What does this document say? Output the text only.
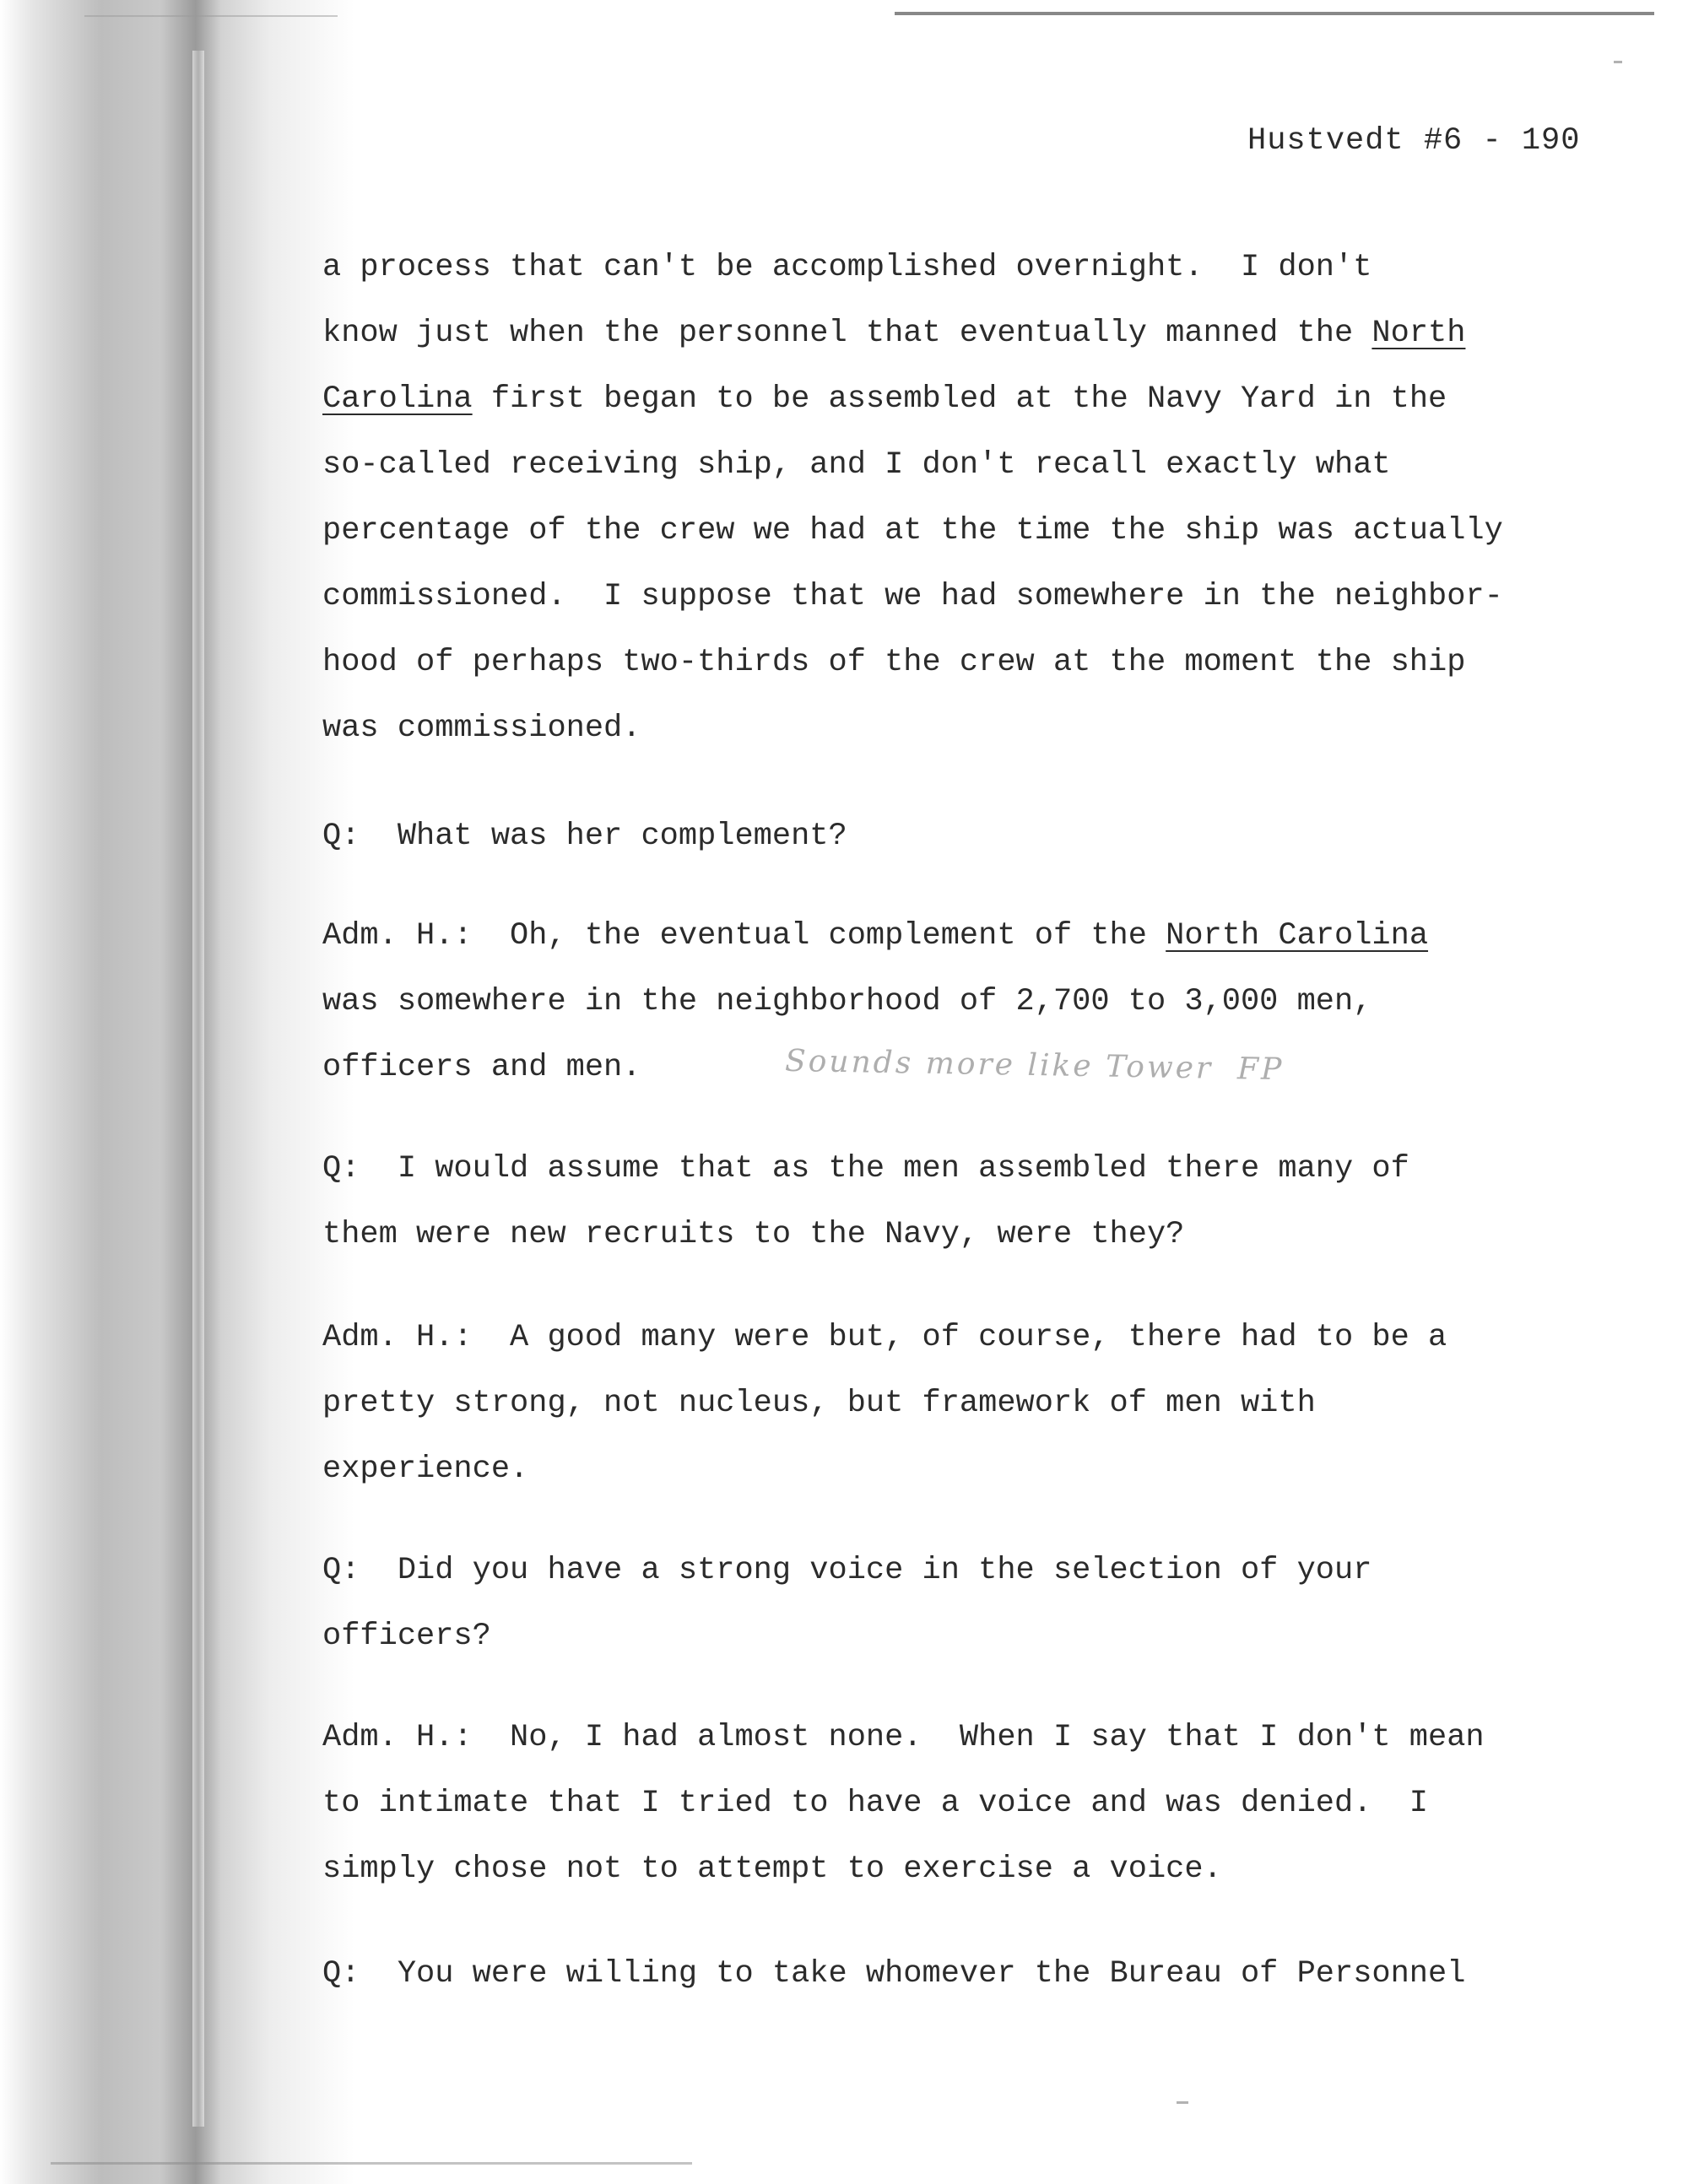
Hustvedt #6 - 190
a process that can't be accomplished overnight.  I don't
know just when the personnel that eventually manned the North
Carolina first began to be assembled at the Navy Yard in the
so-called receiving ship, and I don't recall exactly what
percentage of the crew we had at the time the ship was actually
commissioned.  I suppose that we had somewhere in the neighbor-
hood of perhaps two-thirds of the crew at the moment the ship
was commissioned.
Q:  What was her complement?
Adm. H.:  Oh, the eventual complement of the North Carolina
was somewhere in the neighborhood of 2,700 to 3,000 men,
officers and men.	Sounds more like Tower  FP
Q:  I would assume that as the men assembled there many of
them were new recruits to the Navy, were they?
Adm. H.:  A good many were but, of course, there had to be a
pretty strong, not nucleus, but framework of men with
experience.
Q:  Did you have a strong voice in the selection of your
officers?
Adm. H.:  No, I had almost none.  When I say that I don't mean
to intimate that I tried to have a voice and was denied.  I
simply chose not to attempt to exercise a voice.
Q:  You were willing to take whomever the Bureau of Personnel
